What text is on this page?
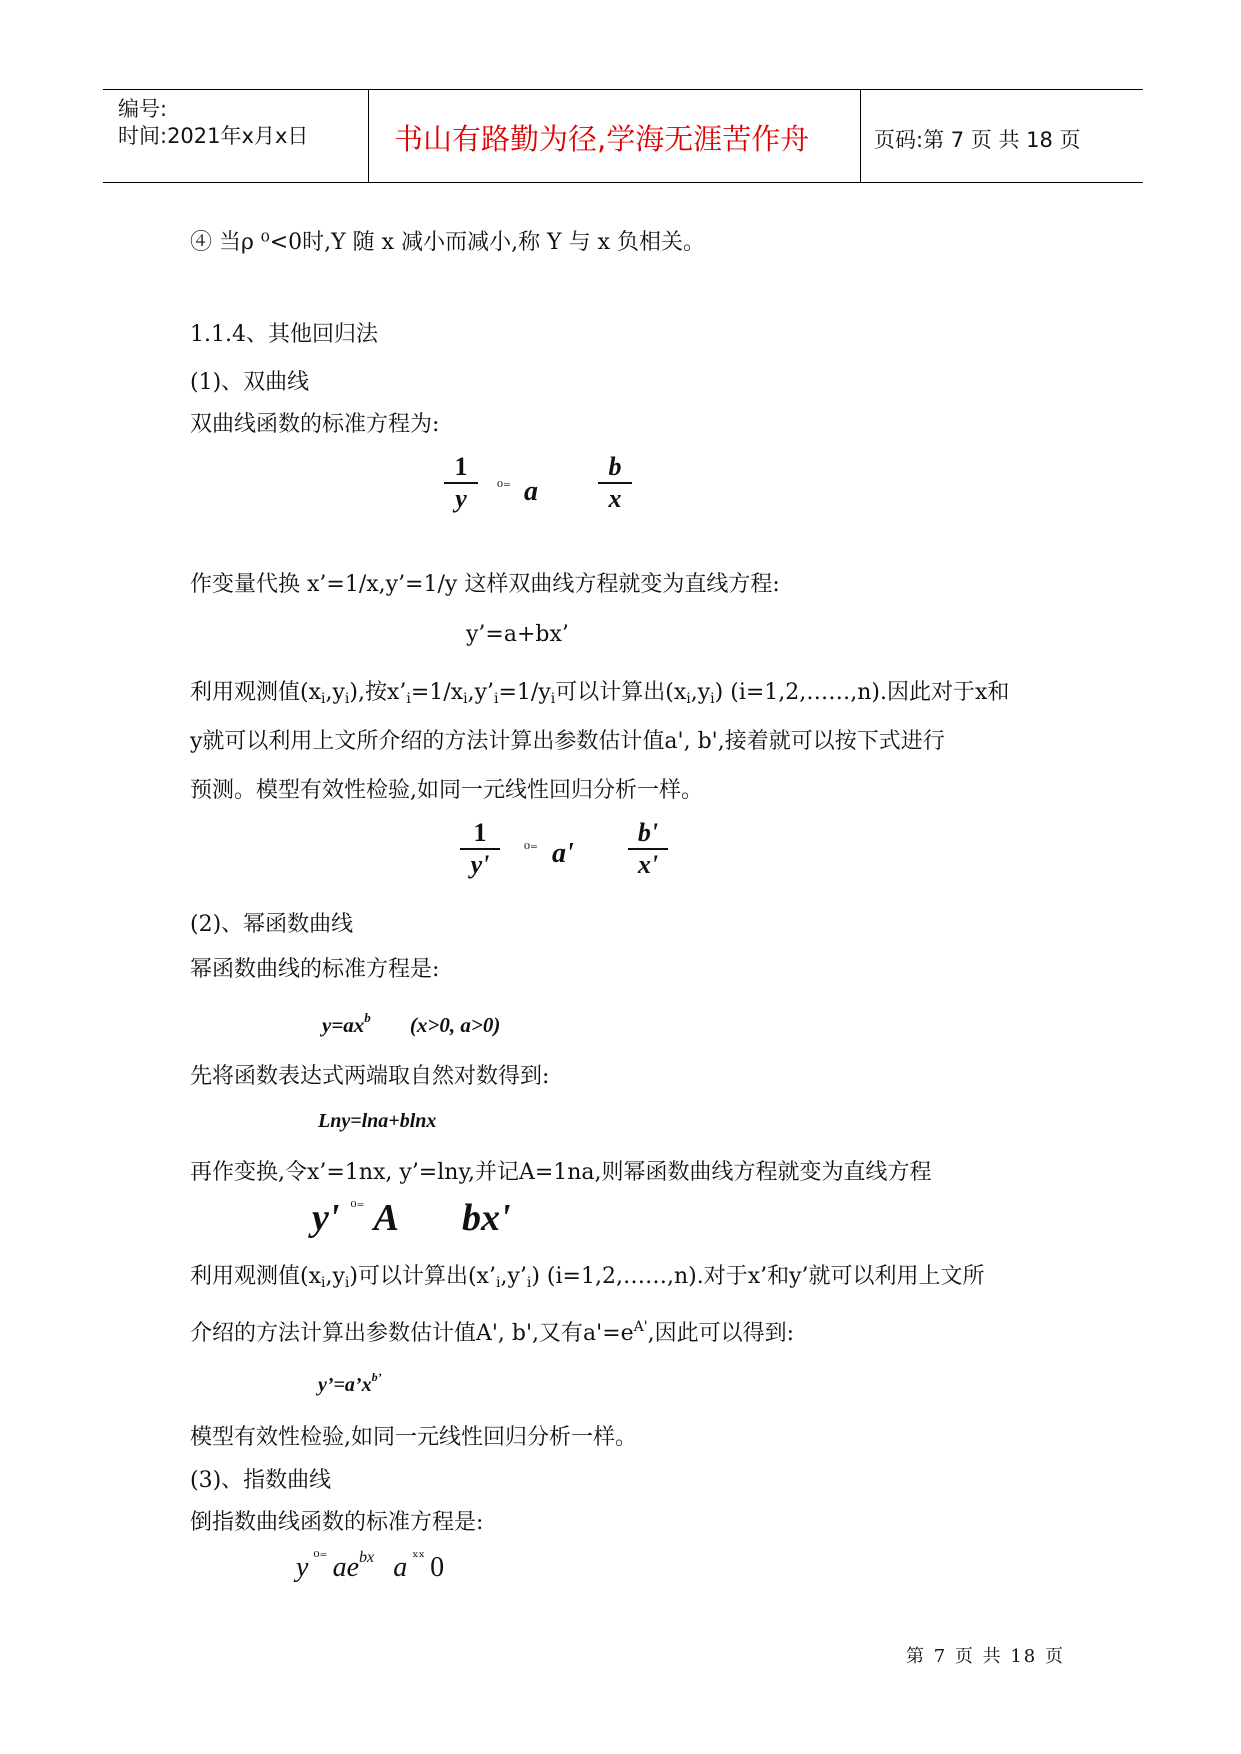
编号:
时间:2021年x月x日	书山有路勤为径,学海无涯苦作舟	页码:第 7 页 共 18 页
④ 当ρ ⁰<0时,Y 随 x 减小而减小,称 Y 与 x 负相关。
1.1.4、其他回归法
(1)、双曲线
双曲线函数的标准方程为:
1
y ⁰⁼ a
b
x
作变量代换 x’=1/x,y’=1/y 这样双曲线方程就变为直线方程:
y’=a+bx’
利用观测值$(x_i,y_i)$,按$x’_i=1/x_i,y’_i=1/y_i$可以计算出$(x_i,y_i)$ (i=1,2,……,n).因此对于x和
y就可以利用上文所介绍的方法计算出参数估计值a', b',接着就可以按下式进行
预测。模型有效性检验,如同一元线性回归分析一样。
1
y'
⁰⁼ a'
b'
x'
(2)、幂函数曲线
幂函数曲线的标准方程是:
$y=ax^b$ (x>0, a>0)
先将函数表达式两端取自然对数得到:
Lny=lna+blnx
再作变换,令x’=1nx, y’=lny,并记A=1na,则幂函数曲线方程就变为直线方程
y' ⁰⁼ A bx'
利用观测值$(x_i,y_i)$可以计算出$(x’_i,y’_i)$ (i=1,2,……,n).对于x’和y’就可以利用上文所
介绍的方法计算出参数估计值A', b',又有$a'=e^{A'}$,因此可以得到:
$y’=a’x^{b’}$
模型有效性检验,如同一元线性回归分析一样。
(3)、指数曲线
倒指数曲线函数的标准方程是:
y ⁰⁼ aebx a ˣˣ 0
第 7 页 共 18 页
